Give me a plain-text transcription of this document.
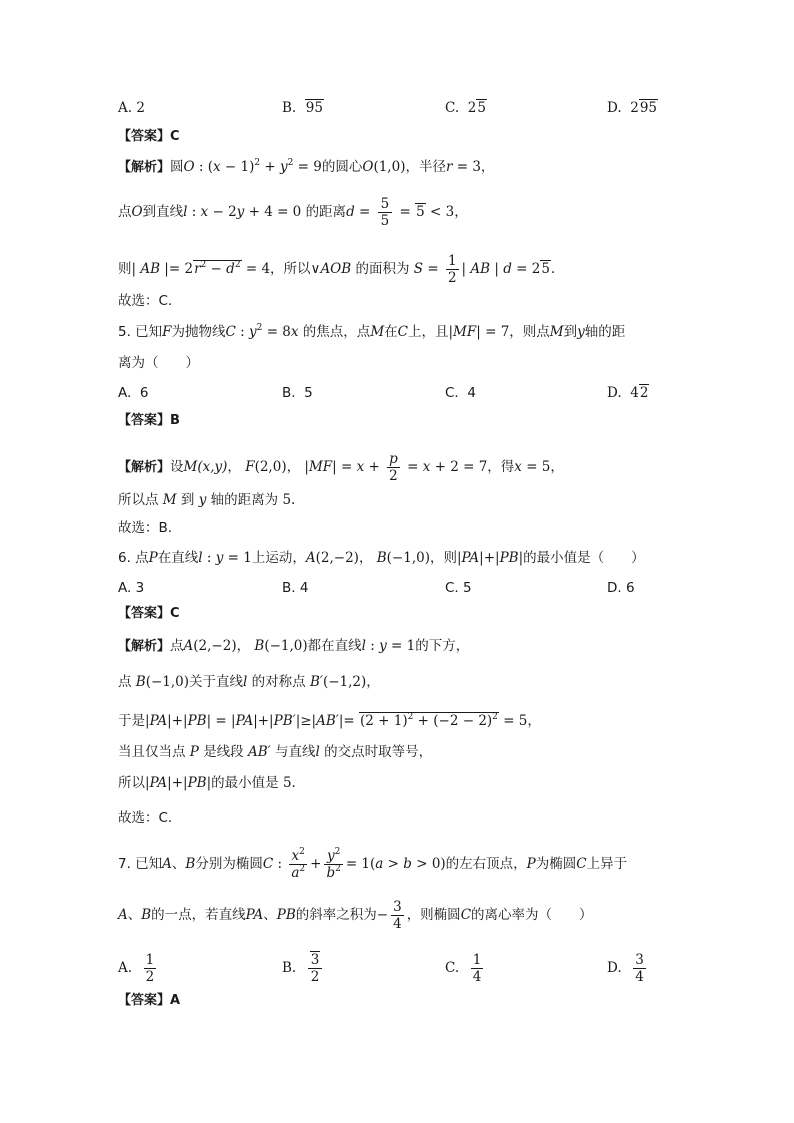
A. 2	B.  95	C.  25	D.  295
【答案】C
【解析】圆O : $(x - 1)^2 + y^2 = 9$的圆心O(1,0)，半径r = 3，
点O到直线l : x − 2y + 4 = 0 的距离$d = \frac{5}{5} = 5 < 3$，
则| AB |= $2r^2 - d^2 = 4$，所以∨AOB 的面积为 $S = \frac{1}{2}$ | AB | d = 25.
故选：C.
5. 已知F为抛物线C : $y^2 = 8x$ 的焦点，点M在C上，且|MF| = 7，则点M到y轴的距
离为（　　）
A.  6	B.  5	C.  4	D.  42
【答案】B
【解析】设M(x,y)， F(2,0)， $|MF| = x + \frac{p}{2} = x + 2 = 7$，得x = 5，
所以点 M 到 y 轴的距离为 5.
故选：B.
6. 点P在直线l : y = 1上运动，A(2,−2)， B(−1,0)，则|PA|+|PB|的最小值是（　　）
A. 3	B. 4	C. 5	D. 6
【答案】C
【解析】点A(2,−2)， B(−1,0)都在直线l : y = 1的下方，
点 B(−1,0)关于直线l 的对称点 B′(−1,2)，
于是$|PA|+|PB| = |PA|+|PB'|\ge|AB'|= (2 + 1)^2 + (-2 - 2)^2 = 5$，
当且仅当点 P 是线段 AB′ 与直线l 的交点时取等号，
所以|PA|+|PB|的最小值是 5.
故选：C.
7. 已知A、B分别为椭圆C : $\frac{x^2}{a^2} + \frac{y^2}{b^2} = 1(a > b > 0)$的左右顶点，P为椭圆C上异于
A、B的一点，若直线PA、PB的斜率之积为− $\frac{3}{4}$ ，则椭圆C的离心率为（　　）
A. $\frac{1}{2}$	B. $\frac{3}{2}$	C. $\frac{1}{4}$	D. $\frac{3}{4}$
【答案】A
